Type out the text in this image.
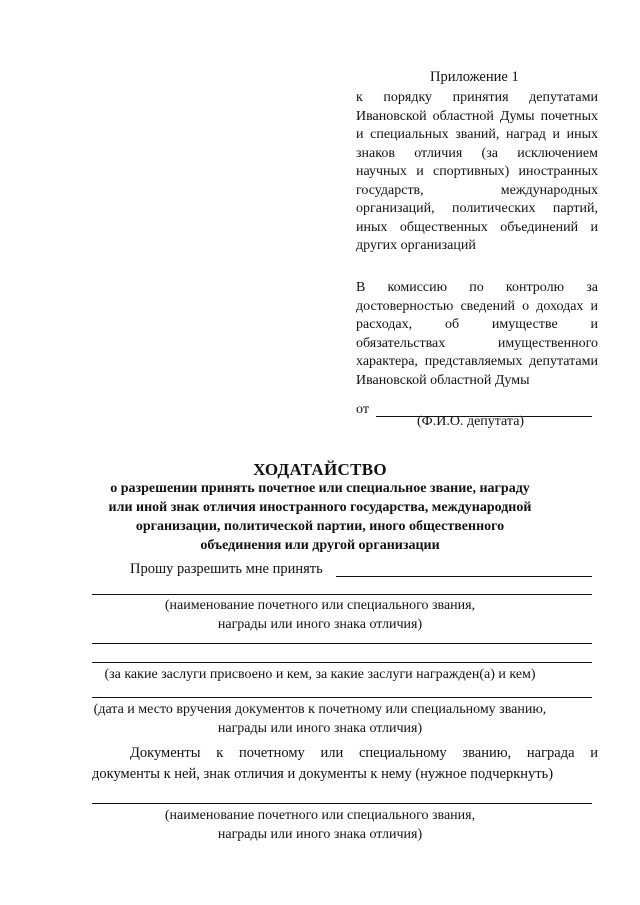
Приложение 1
к порядку принятия депутатами Ивановской областной Думы почетных и специальных званий, наград и иных знаков отличия (за исключением научных и спортивных) иностранных государств, международных организаций, политических партий, иных общественных объединений и других организаций
В комиссию по контролю за достоверностью сведений о доходах и расходах, об имуществе и обязательствах имущественного характера, представляемых депутатами Ивановской областной Думы
от
(Ф.И.О. депутата)
ХОДАТАЙСТВО
о разрешении принять почетное или специальное звание, награду
или иной знак отличия иностранного государства, международной
организации, политической партии, иного общественного
объединения или другой организации
Прошу разрешить мне принять
(наименование почетного или специального звания,
награды или иного знака отличия)
(за какие заслуги присвоено и кем, за какие заслуги награжден(а) и кем)
(дата и место вручения документов к почетному или специальному званию,
награды или иного знака отличия)
Документы к почетному или специальному званию, награда и
документы к ней, знак отличия и документы к нему (нужное подчеркнуть)
(наименование почетного или специального звания,
награды или иного знака отличия)
